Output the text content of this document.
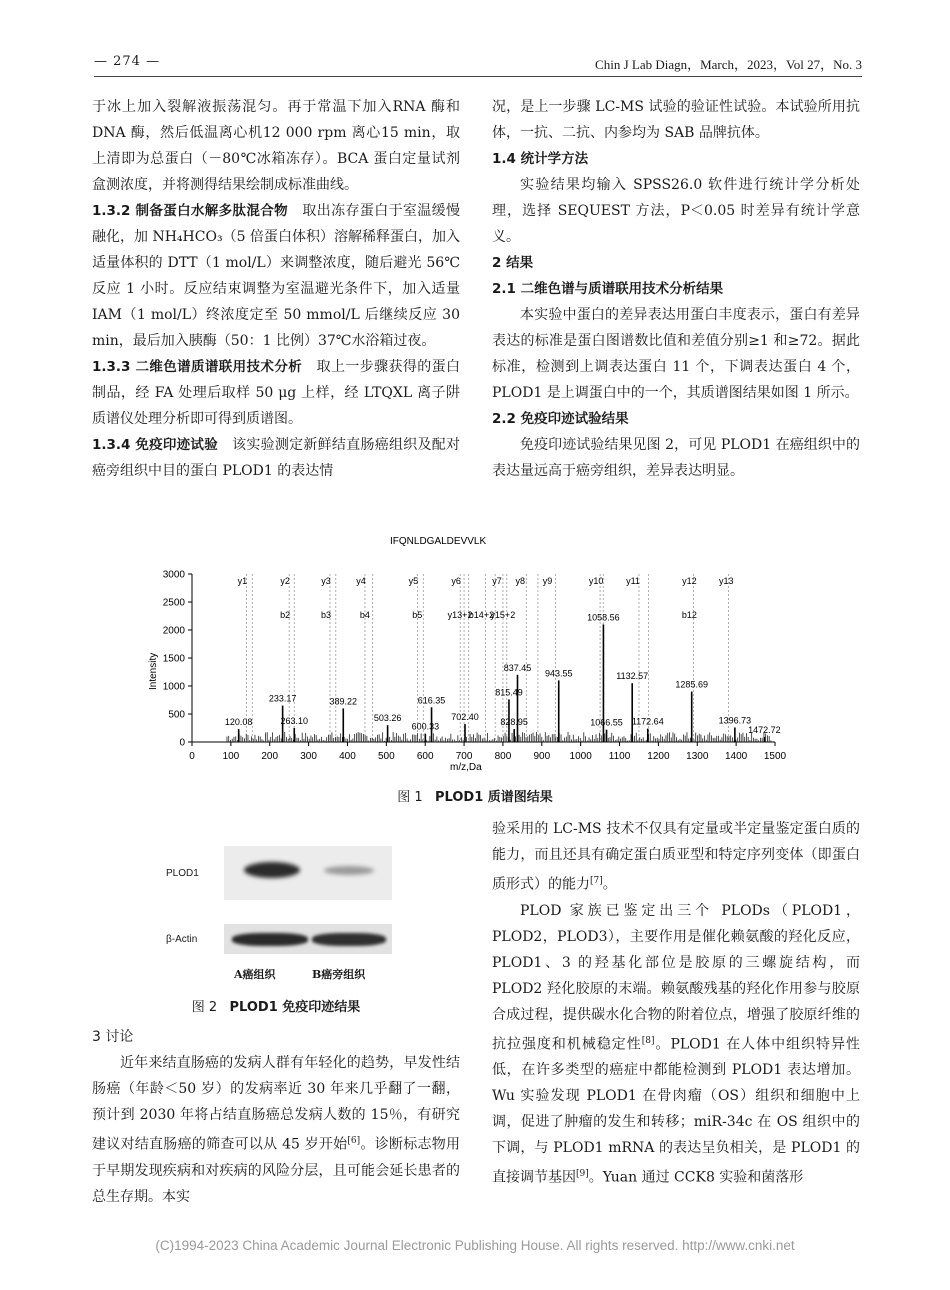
— 274 —	Chin J Lab Diagn，March，2023，Vol 27，No. 3

于冰上加入裂解液振荡混匀。再于常温下加入RNA 酶和DNA 酶，然后低温离心机12 000 rpm 离心15 min，取上清即为总蛋白（－80℃冰箱冻存）。BCA 蛋白定量试剂盒测浓度，并将测得结果绘制成标准曲线。

1.3.2 制备蛋白水解多肽混合物 取出冻存蛋白于室温缓慢融化，加 NH₄HCO₃（5 倍蛋白体积）溶解稀释蛋白，加入适量体积的 DTT（1 mol/L）来调整浓度，随后避光 56℃反应 1 小时。反应结束调整为室温避光条件下，加入适量 IAM（1 mol/L）终浓度定至 50 mmol/L 后继续反应 30 min，最后加入胰酶（50：1 比例）37℃水浴箱过夜。

1.3.3 二维色谱质谱联用技术分析 取上一步骤获得的蛋白制品，经 FA 处理后取样 50 μg 上样，经 LTQXL 离子阱质谱仪处理分析即可得到质谱图。

1.3.4 免疫印迹试验 该实验测定新鲜结直肠癌组织及配对癌旁组织中目的蛋白 PLOD1 的表达情

况，是上一步骤 LC-MS 试验的验证性试验。本试验所用抗体，一抗、二抗、内参均为 SAB 品牌抗体。

1.4 统计学方法

实验结果均输入 SPSS26.0 软件进行统计学分析处理，选择 SEQUEST 方法，P＜0.05 时差异有统计学意义。

2 结果

2.1 二维色谱与质谱联用技术分析结果

本实验中蛋白的差异表达用蛋白丰度表示，蛋白有差异表达的标准是蛋白图谱数比值和差值分别≥1 和≥72。据此标准，检测到上调表达蛋白 11 个，下调表达蛋白 4 个，PLOD1 是上调蛋白中的一个，其质谱图结果如图 1 所示。

2.2 免疫印迹试验结果

免疫印迹试验结果见图 2，可见 PLOD1 在癌组织中的表达量远高于癌旁组织，差异表达明显。

IFQNLDGALDEVVLK
0	100 200 300 400 500 600 700 800 900 1000 1100 1200 1300 1400 1500
0
500
1000
1500
2000
2500
3000
y1	y2	y3	y4	y5	y6	y7 y8 y9	y10	y11	y12 y13
b2	b3	b4	b5	y13+2
b14+2
y15+2	b12
120.08
233.17
263.10
389.22
503.26
600.33
616.35
702.40
815.49
828.95
837.45
943.55
1058.56
1066.55
1132.57
1172.64
1285.69
1396.73
1472.72
m/z,Da
Intensity
图 1 PLOD1 质谱图结果
PLOD1
β-Actin
A癌组织	B癌旁组织
图 2 PLOD1 免疫印迹结果

3 讨论

近年来结直肠癌的发病人群有年轻化的趋势，早发性结肠癌（年龄＜50 岁）的发病率近 30 年来几乎翻了一翻，预计到 2030 年将占结直肠癌总发病人数的 15％，有研究建议对结直肠癌的筛查可以从 45 岁开始[6]。诊断标志物用于早期发现疾病和对疾病的风险分层，且可能会延长患者的总生存期。本实

验采用的 LC-MS 技术不仅具有定量或半定量鉴定蛋白质的能力，而且还具有确定蛋白质亚型和特定序列变体（即蛋白质形式）的能力[7]。

PLOD 家族已鉴定出三个 PLODs（PLOD1，PLOD2，PLOD3），主要作用是催化赖氨酸的羟化反应，PLOD1、3 的羟基化部位是胶原的三螺旋结构，而 PLOD2 羟化胶原的末端。赖氨酸残基的羟化作用参与胶原合成过程，提供碳水化合物的附着位点，增强了胶原纤维的抗拉强度和机械稳定性[8]。PLOD1 在人体中组织特异性低，在许多类型的癌症中都能检测到 PLOD1 表达增加。Wu 实验发现 PLOD1 在骨肉瘤（OS）组织和细胞中上调，促进了肿瘤的发生和转移；miR-34c 在 OS 组织中的下调，与 PLOD1 mRNA 的表达呈负相关，是 PLOD1 的直接调节基因[9]。Yuan 通过 CCK8 实验和菌落形

(C)1994-2023 China Academic Journal Electronic Publishing House. All rights reserved. http://www.cnki.net
